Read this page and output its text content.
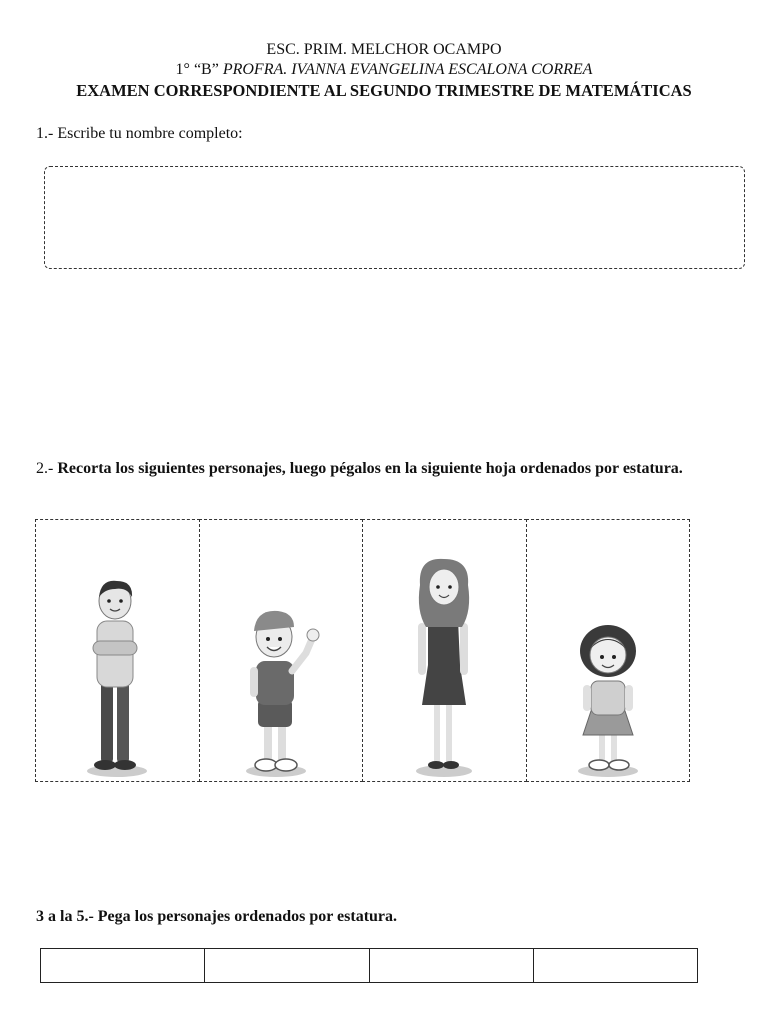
ESC. PRIM. MELCHOR OCAMPO
1° “B” PROFRA. IVANNA EVANGELINA ESCALONA CORREA
EXAMEN CORRESPONDIENTE AL SEGUNDO TRIMESTRE DE MATEMÁTICAS
1.- Escribe tu nombre completo:
2.- Recorta los siguientes personajes, luego pégalos en la siguiente hoja ordenados por estatura.
3 a la 5.- Pega los personajes ordenados por estatura.
